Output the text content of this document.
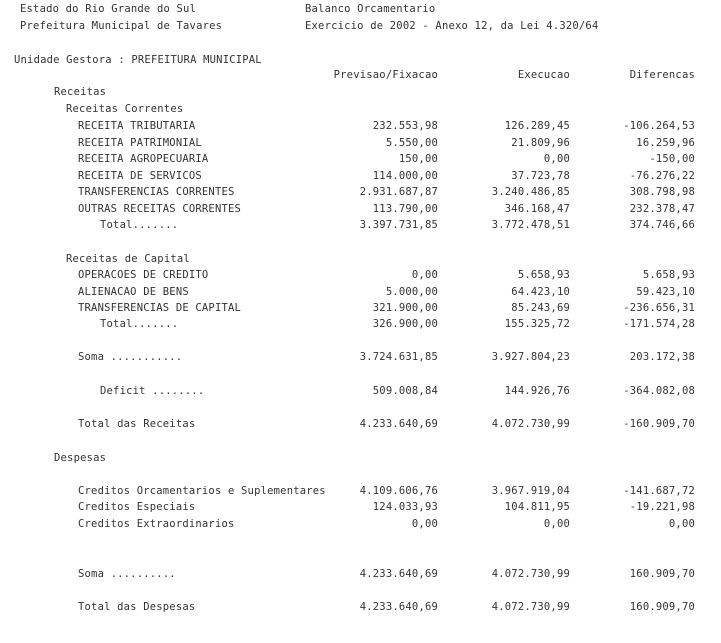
Estado do Rio Grande do Sul
Prefeitura Municipal de Tavares
Balanco Orcamentario
Exercicio de 2002 - Anexo 12, da Lei 4.320/64
Unidade Gestora : PREFEITURA MUNICIPAL
Previsao/Fixacao	Execucao	Diferencas
Receitas
Receitas Correntes
RECEITA TRIBUTARIA	232.553,98	126.289,45	-106.264,53
RECEITA PATRIMONIAL	5.550,00	21.809,96	16.259,96
RECEITA AGROPECUARIA	150,00	0,00	-150,00
RECEITA DE SERVICOS	114.000,00	37.723,78	-76.276,22
TRANSFERENCIAS CORRENTES	2.931.687,87	3.240.486,85	308.798,98
OUTRAS RECEITAS CORRENTES	113.790,00	346.168,47	232.378,47
Total.......	3.397.731,85	3.772.478,51	374.746,66
Receitas de Capital
OPERACOES DE CREDITO	0,00	5.658,93	5.658,93
ALIENACAO DE BENS	5.000,00	64.423,10	59.423,10
TRANSFERENCIAS DE CAPITAL	321.900,00	85.243,69	-236.656,31
Total.......	326.900,00	155.325,72	-171.574,28
Soma ...........	3.724.631,85	3.927.804,23	203.172,38
Deficit ........	509.008,84	144.926,76	-364.082,08
Total das Receitas	4.233.640,69	4.072.730,99	-160.909,70
Despesas
Creditos Orcamentarios e Suplementares	4.109.606,76	3.967.919,04	-141.687,72
Creditos Especiais	124.033,93	104.811,95	-19.221,98
Creditos Extraordinarios	0,00	0,00	0,00
Soma ..........	4.233.640,69	4.072.730,99	160.909,70
Total das Despesas	4.233.640,69	4.072.730,99	160.909,70
